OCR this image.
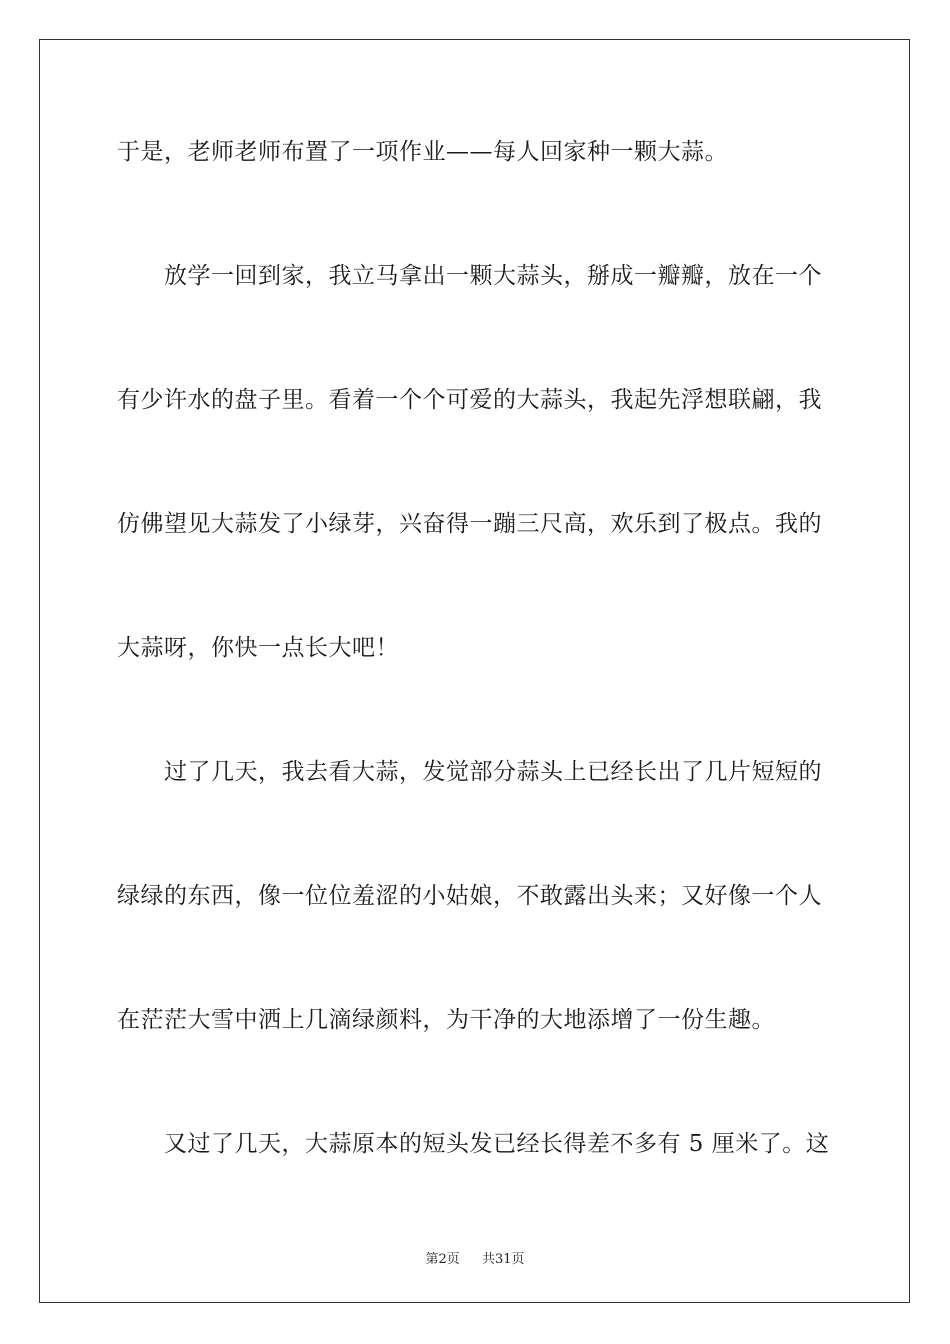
于是，老师老师布置了一项作业——每人回家种一颗大蒜。
放学一回到家，我立马拿出一颗大蒜头，掰成一瓣瓣，放在一个
有少许水的盘子里。看着一个个可爱的大蒜头，我起先浮想联翩，我
仿佛望见大蒜发了小绿芽，兴奋得一蹦三尺高，欢乐到了极点。我的
大蒜呀，你快一点长大吧！
过了几天，我去看大蒜，发觉部分蒜头上已经长出了几片短短的
绿绿的东西，像一位位羞涩的小姑娘，不敢露出头来；又好像一个人
在茫茫大雪中洒上几滴绿颜料，为干净的大地添增了一份生趣。
又过了几天，大蒜原本的短头发已经长得差不多有 5 厘米了。这
第2页 共31页
